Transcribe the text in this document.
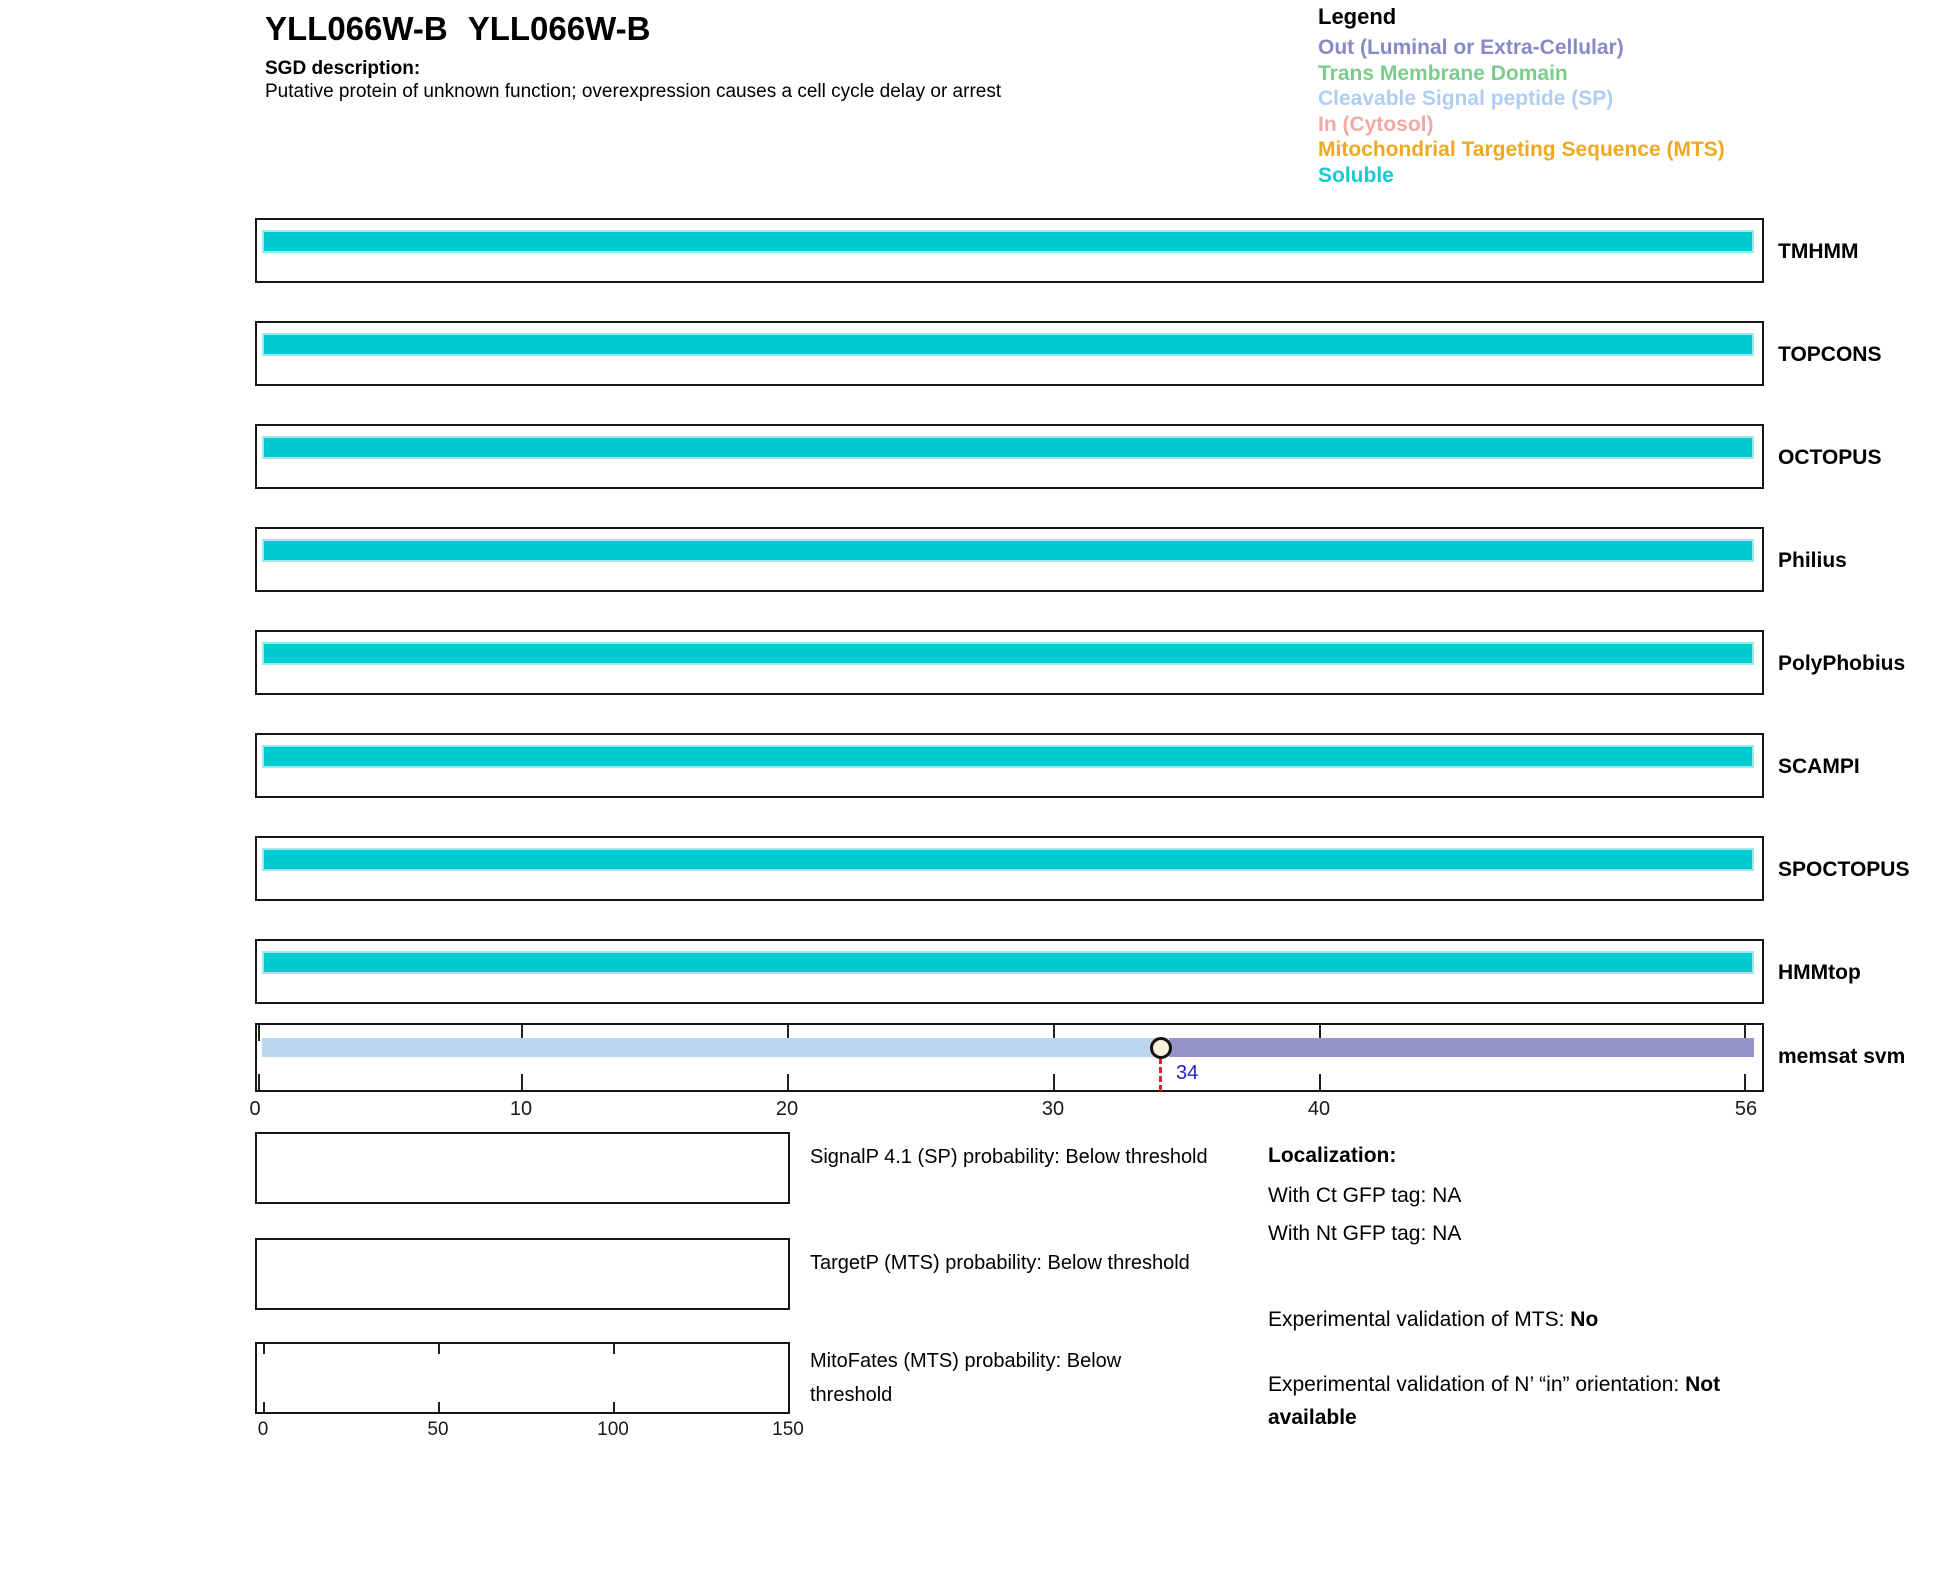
YLL066W-B YLL066W-B
SGD description:
Putative protein of unknown function; overexpression causes a cell cycle delay or arrest
Legend
Out (Luminal or Extra-Cellular)
Trans Membrane Domain
Cleavable Signal peptide (SP)
In (Cytosol)
Mitochondrial Targeting Sequence (MTS)
Soluble
TMHMM
TOPCONS
OCTOPUS
Philius
PolyPhobius
SCAMPI
SPOCTOPUS
HMMtop
34
memsat svm
0	10	20	30	40	56
SignalP 4.1 (SP) probability: Below threshold
TargetP (MTS) probability: Below threshold
MitoFates (MTS) probability: Below threshold
0	50	100	150
Localization:
With Ct GFP tag: NA
With Nt GFP tag: NA
Experimental validation of MTS: No
Experimental validation of N’ “in” orientation: Not available
